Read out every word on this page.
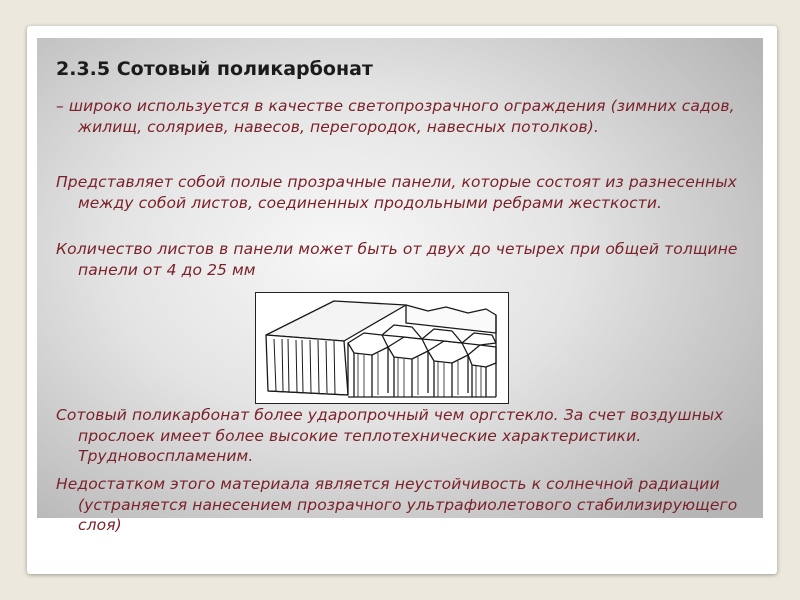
2.3.5 Сотовый поликарбонат

– широко используется в качестве светопрозрачного ограждения (зимних садов, жилищ, соляриев, навесов, перегородок, навесных потолков).

Представляет собой полые прозрачные панели, которые состоят из разнесенных между собой листов, соединенных продольными ребрами жесткости.

Количество листов в панели может быть от двух до четырех при общей толщине панели от 4 до 25 мм

Сотовый поликарбонат более ударопрочный чем оргстекло. За счет воздушных прослоек имеет более высокие теплотехнические характеристики. Трудновоспламеним.

Недостатком этого материала является неустойчивость к солнечной радиации (устраняется нанесением прозрачного ультрафиолетового стабилизирующего слоя)
